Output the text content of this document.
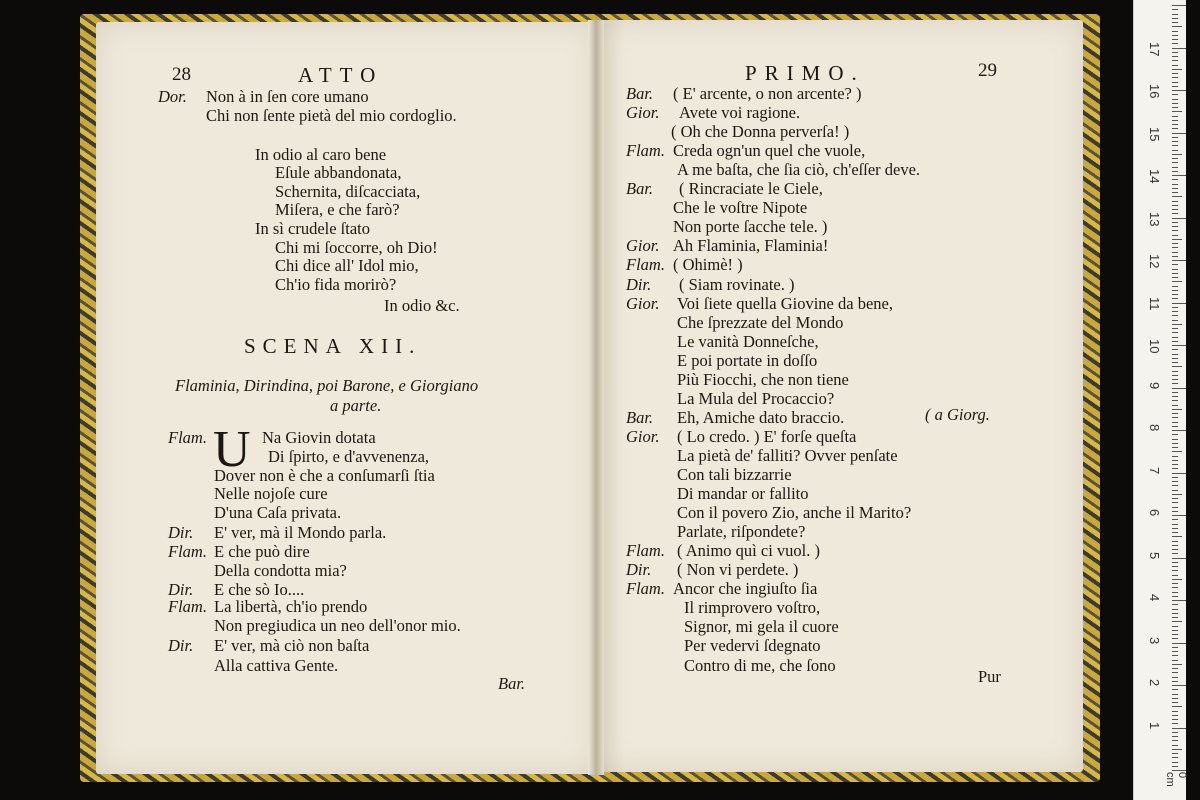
28	ATTO
Dor. Non à in ſen core umano
Chi non ſente pietà del mio cordoglio.
In odio al caro bene
Eſule abbandonata,
Schernita, diſcacciata,
Miſera, e che farò?
In sì crudele ſtato
Chi mi ſoccorre, oh Dio!
Chi dice all' Idol mio,
Ch'io fida morirò?
In odio &c.
SCENA XII.
Flaminia, Dirindina, poi Barone, e Giorgiano
a parte.
U
Flam.	Na Giovin dotata
Di ſpirto, e d'avvenenza,
Dover non è che a conſumarſi ſtia
Nelle nojoſe cure
D'una Caſa privata.
Dir. E' ver, mà il Mondo parla.
Flam. E che può dire
Della condotta mia?
Dir. E che sò Io....
Flam. La libertà, ch'io prendo
Non pregiudica un neo dell'onor mio.
Dir. E' ver, mà ciò non baſta
Alla cattiva Gente.
Bar.
PRIMO.	29
Bar. ( E' arcente, o non arcente? )
Gior. Avete voi ragione.
( Oh che Donna perverſa! )
Flam. Creda ogn'un quel che vuole,
A me baſta, che ſia ciò, ch'eſſer deve.
Bar. ( Rincraciate le Ciele,
Che le voſtre Nipote
Non porte ſacche tele. )
Gior. Ah Flaminia, Flaminia!
Flam. ( Ohimè! )
Dir. ( Siam rovinate. )
Gior. Voi ſiete quella Giovine da bene,
Che ſprezzate del Mondo
Le vanità Donneſche,
E poi portate in doſſo
Più Fiocchi, che non tiene
La Mula del Procaccio?
Bar. Eh, Amiche dato braccio.
Gior. ( Lo credo. ) E' forſe queſta
La pietà de' falliti? Ovver penſate
Con tali bizzarrie
Di mandar or fallito
Con il povero Zio, anche il Marito?
Parlate, riſpondete?
Flam. ( Animo quì ci vuol. )
Dir. ( Non vi perdete. )
Flam. Ancor che ingiuſto ſia
Il rimprovero voſtro,
Signor, mi gela il cuore
Per vedervi ſdegnato
Contro di me, che ſono
( a Giorg.
Pur
1
2
3
4
5
6
7
8
9
10
11
12
13
14
15
16
17
0 cm
